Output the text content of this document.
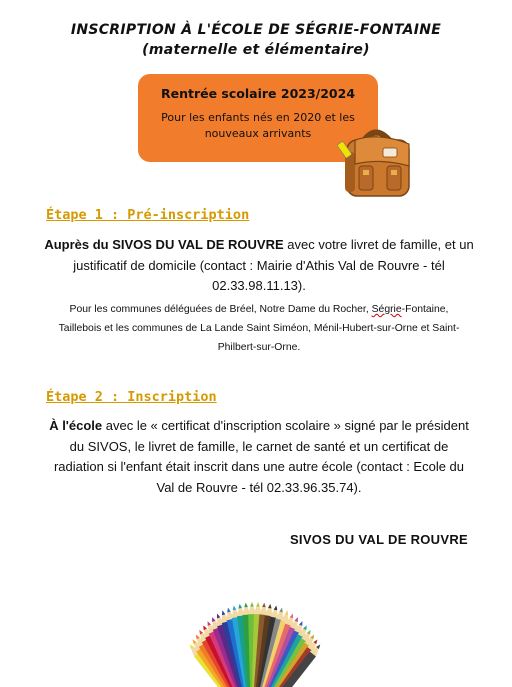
INSCRIPTION À L'ÉCOLE DE SÉGRIE-FONTAINE
(maternelle et élémentaire)
Rentrée scolaire 2023/2024
Pour les enfants nés en 2020 et les nouveaux arrivants
Étape 1 : Pré-inscription

Auprès du SIVOS DU VAL DE ROUVRE avec votre livret de famille, et un justificatif de domicile (contact : Mairie d'Athis Val de Rouvre - tél 02.33.98.11.13).

Pour les communes déléguées de Bréel, Notre Dame du Rocher, Ségrie-Fontaine, Taillebois et les communes de La Lande Saint Siméon, Ménil-Hubert-sur-Orne et Saint-Philbert-sur-Orne.

Étape 2 : Inscription

À l'école avec le « certificat d'inscription scolaire » signé par le président du SIVOS, le livret de famille, le carnet de santé et un certificat de radiation si l'enfant était inscrit dans une autre école (contact : Ecole du Val de Rouvre - tél 02.33.96.35.74).

SIVOS DU VAL DE ROUVRE
